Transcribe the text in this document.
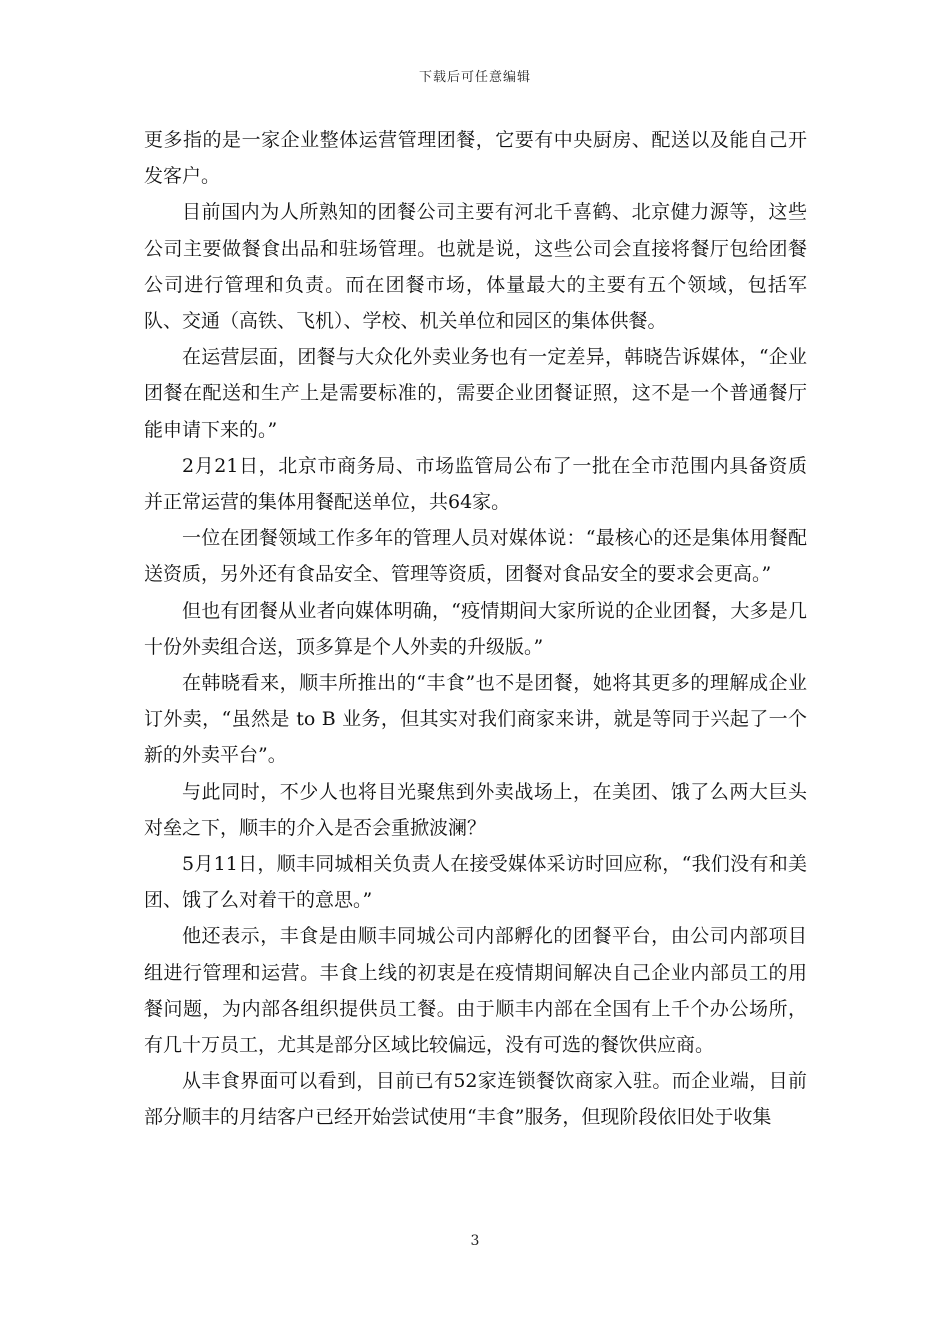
下载后可任意编辑

更多指的是一家企业整体运营管理团餐，它要有中央厨房、配送以及能自己开发客户。

目前国内为人所熟知的团餐公司主要有河北千喜鹤、北京健力源等，这些公司主要做餐食出品和驻场管理。也就是说，这些公司会直接将餐厅包给团餐公司进行管理和负责。而在团餐市场，体量最大的主要有五个领域，包括军队、交通（高铁、飞机）、学校、机关单位和园区的集体供餐。

在运营层面，团餐与大众化外卖业务也有一定差异，韩晓告诉媒体，“企业团餐在配送和生产上是需要标准的，需要企业团餐证照，这不是一个普通餐厅能申请下来的。”

2月21日，北京市商务局、市场监管局公布了一批在全市范围内具备资质并正常运营的集体用餐配送单位，共64家。

一位在团餐领域工作多年的管理人员对媒体说：“最核心的还是集体用餐配送资质，另外还有食品安全、管理等资质，团餐对食品安全的要求会更高。”

但也有团餐从业者向媒体明确，“疫情期间大家所说的企业团餐，大多是几十份外卖组合送，顶多算是个人外卖的升级版。”

在韩晓看来，顺丰所推出的“丰食”也不是团餐，她将其更多的理解成企业订外卖，“虽然是 to B 业务，但其实对我们商家来讲，就是等同于兴起了一个新的外卖平台”。

与此同时，不少人也将目光聚焦到外卖战场上，在美团、饿了么两大巨头对垒之下，顺丰的介入是否会重掀波澜？

5月11日，顺丰同城相关负责人在接受媒体采访时回应称，“我们没有和美团、饿了么对着干的意思。”

他还表示，丰食是由顺丰同城公司内部孵化的团餐平台，由公司内部项目组进行管理和运营。丰食上线的初衷是在疫情期间解决自己企业内部员工的用餐问题，为内部各组织提供员工餐。由于顺丰内部在全国有上千个办公场所，有几十万员工，尤其是部分区域比较偏远，没有可选的餐饮供应商。

从丰食界面可以看到，目前已有52家连锁餐饮商家入驻。而企业端，目前部分顺丰的月结客户已经开始尝试使用“丰食”服务，但现阶段依旧处于收集

3
